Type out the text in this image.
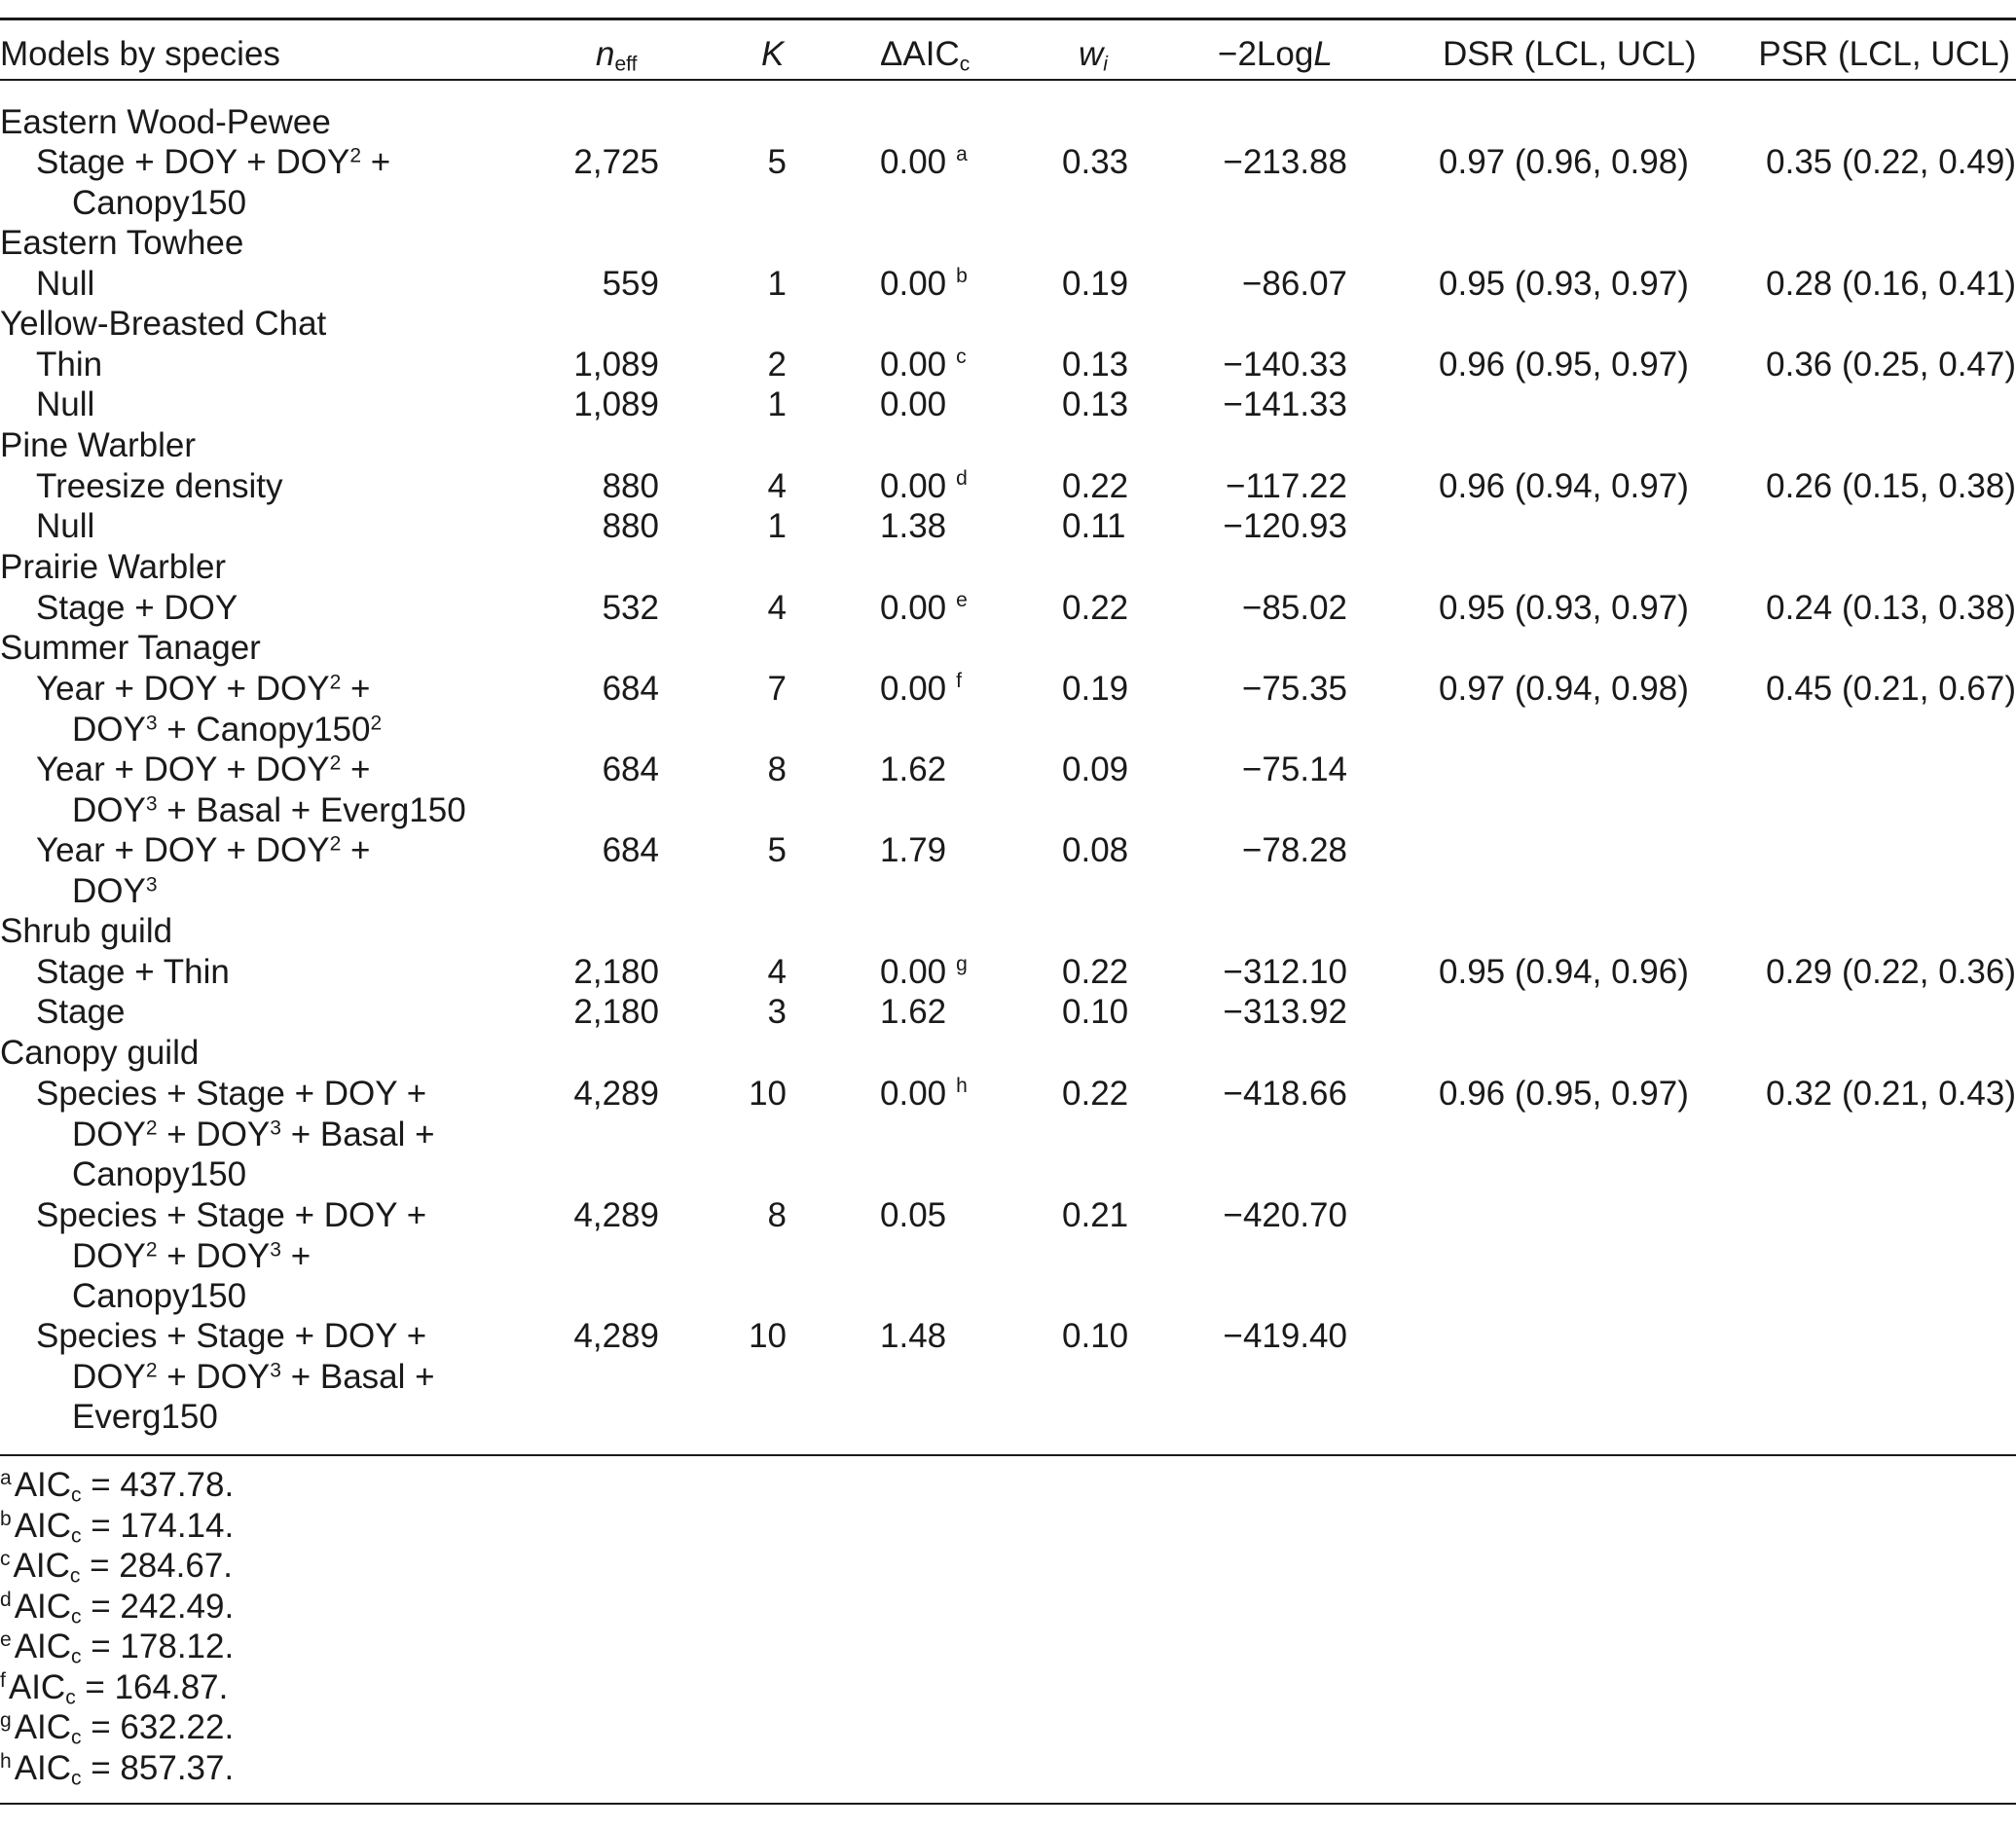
Models by species	$n_{eff}$	K	$\Delta AIC_c$	$w_i$	−2LogL	DSR (LCL, UCL) PSR (LCL, UCL)
Eastern Wood-Pewee
Stage + DOY + $DOY^2$ +
Canopy150
2,725	5	0.00 $^a$	0.33	−213.88	0.97 (0.96, 0.98) 0.35 (0.22, 0.49)
Eastern Towhee
Null	559	1	0.00 $^b$	0.19	−86.07	0.95 (0.93, 0.97) 0.28 (0.16, 0.41)
Yellow-Breasted Chat
Thin	1,089	2	0.00 $^c$	0.13	−140.33	0.96 (0.95, 0.97) 0.36 (0.25, 0.47)
Null	1,089	1	0.00	0.13	−141.33
Pine Warbler
Treesize density	880	4	0.00 $^d$	0.22	−117.22	0.96 (0.94, 0.97) 0.26 (0.15, 0.38)
Null	880	1	1.38	0.11	−120.93
Prairie Warbler
Stage + DOY	532	4	0.00 $^e$	0.22	−85.02	0.95 (0.93, 0.97) 0.24 (0.13, 0.38)
Summer Tanager
Year + DOY + $DOY^2$ +
$DOY^3$ + $Canopy150^2$
684	7	0.00 $^f$	0.19	−75.35	0.97 (0.94, 0.98) 0.45 (0.21, 0.67)
Year + DOY + $DOY^2$ +
$DOY^3$ + Basal + Everg150
684	8	1.62	0.09	−75.14
Year + DOY + $DOY^2$ +
$DOY^3$
684	5	1.79	0.08	−78.28
Shrub guild
Stage + Thin	2,180	4	0.00 $^g$	0.22	−312.10	0.95 (0.94, 0.96) 0.29 (0.22, 0.36)
Stage	2,180	3	1.62	0.10	−313.92
Canopy guild
Species + Stage + DOY +
$DOY^2 + DOY^3$ + Basal +
Canopy150
4,289	10	0.00 $^h$	0.22	−418.66	0.96 (0.95, 0.97) 0.32 (0.21, 0.43)
Species + Stage + DOY +
$DOY^2 + DOY^3$ +
Canopy150
4,289	8	0.05	0.21	−420.70
Species + Stage + DOY +
$DOY^2 + DOY^3$ + Basal +
Everg150
4,289	10	1.48	0.10	−419.40
$^aAIC_c = 437.78$.
$^bAIC_c = 174.14$.
$^cAIC_c = 284.67$.
$^dAIC_c = 242.49$.
$^eAIC_c = 178.12$.
$^fAIC_c = 164.87$.
$^gAIC_c = 632.22$.
$^hAIC_c = 857.37$.
